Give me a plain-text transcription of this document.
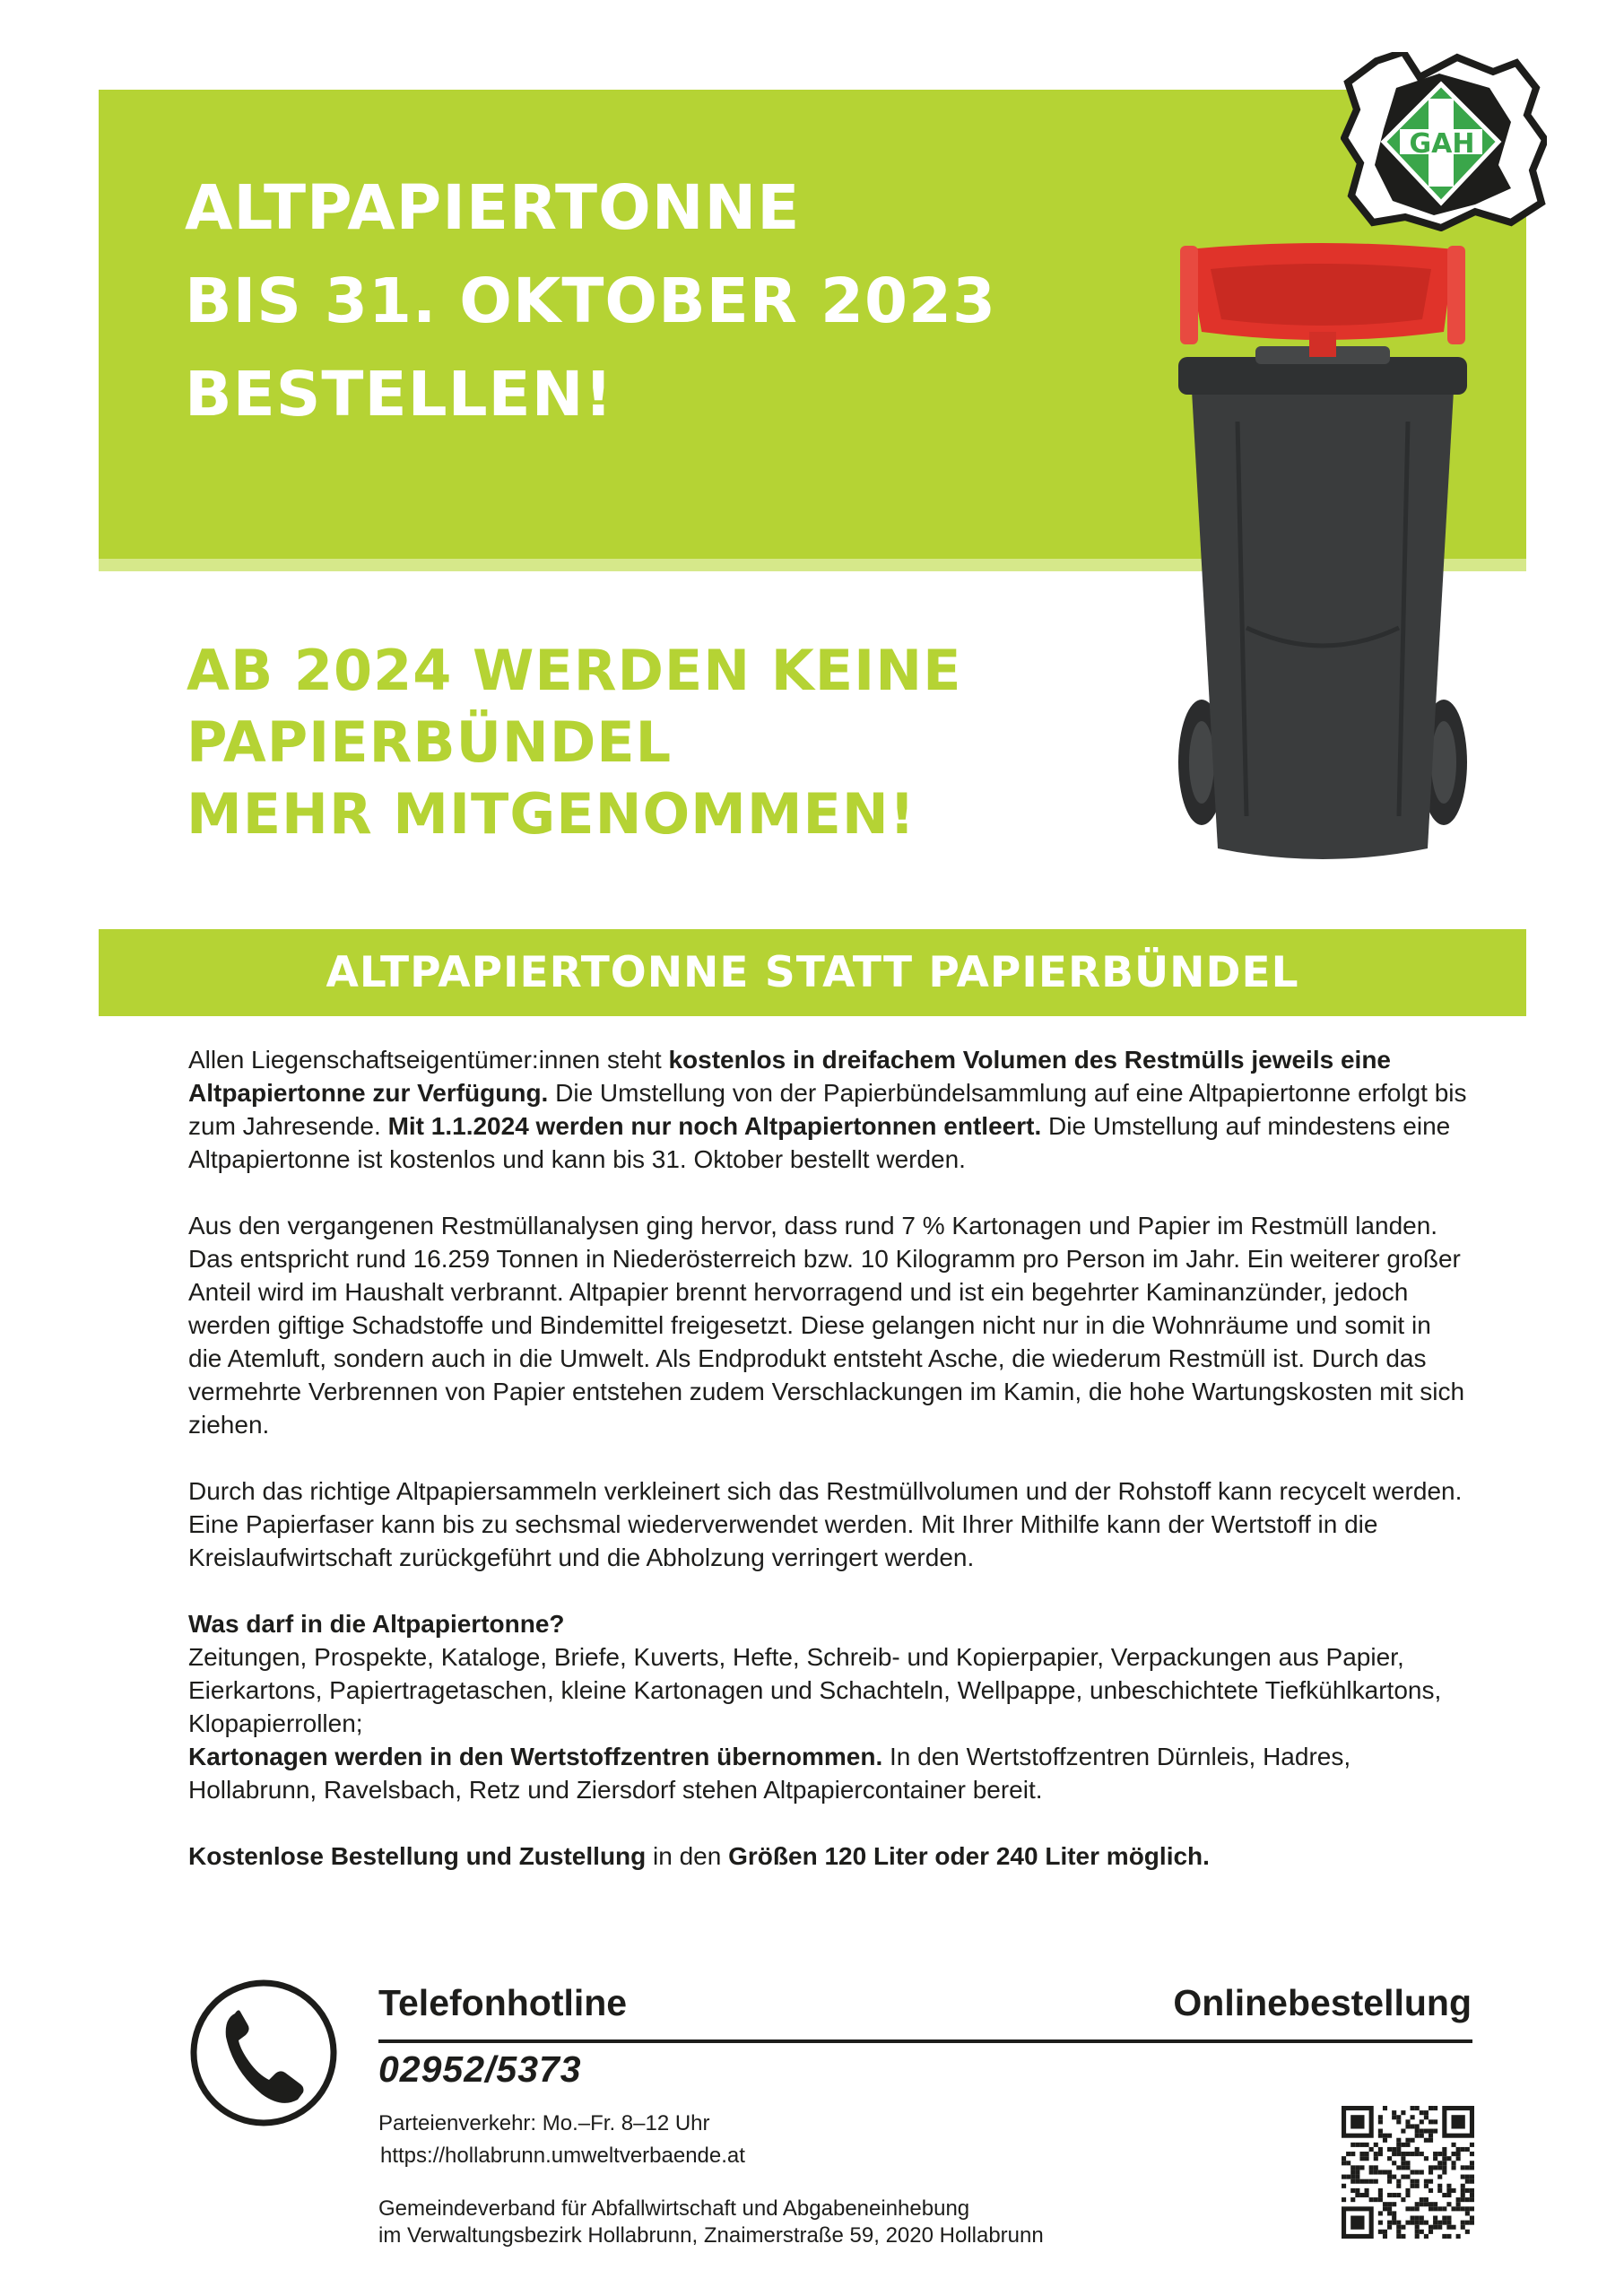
ALTPAPIERTONNE
BIS 31. OKTOBER 2023
BESTELLEN!
GAH
AB 2024 WERDEN KEINE
PAPIERBÜNDEL
MEHR MITGENOMMEN!
ALTPAPIERTONNE STATT PAPIERBÜNDEL

Allen Liegenschaftseigentümer:innen steht kostenlos in dreifachem Volumen des Restmülls jeweils eine Altpapiertonne zur Verfügung. Die Umstellung von der Papierbündelsammlung auf eine Altpapiertonne erfolgt bis zum Jahresende. Mit 1.1.2024 werden nur noch Altpapiertonnen entleert. Die Umstellung auf mindestens eine Altpapiertonne ist kostenlos und kann bis 31. Oktober bestellt werden.

Aus den vergangenen Restmüllanalysen ging hervor, dass rund 7 % Kartonagen und Papier im Restmüll landen. Das entspricht rund 16.259 Tonnen in Niederösterreich bzw. 10 Kilogramm pro Person im Jahr. Ein weiterer großer Anteil wird im Haushalt verbrannt. Altpapier brennt hervorragend und ist ein begehrter Kaminanzünder, jedoch werden giftige Schadstoffe und Bindemittel freigesetzt. Diese gelangen nicht nur in die Wohnräume und somit in die Atemluft, sondern auch in die Umwelt. Als Endprodukt entsteht Asche, die wiederum Restmüll ist. Durch das vermehrte Verbrennen von Papier entstehen zudem Verschlackungen im Kamin, die hohe Wartungskosten mit sich ziehen.

Durch das richtige Altpapiersammeln verkleinert sich das Restmüllvolumen und der Rohstoff kann recycelt werden. Eine Papierfaser kann bis zu sechsmal wiederverwendet werden. Mit Ihrer Mithilfe kann der Wertstoff in die Kreislaufwirtschaft zurückgeführt und die Abholzung verringert werden.

Was darf in die Altpapiertonne?
Zeitungen, Prospekte, Kataloge, Briefe, Kuverts, Hefte, Schreib- und Kopierpapier, Verpackungen aus Papier, Eierkartons, Papiertragetaschen, kleine Kartonagen und Schachteln, Wellpappe, unbeschichtete Tiefkühlkartons, Klopapierrollen;
Kartonagen werden in den Wertstoffzentren übernommen. In den Wertstoffzentren Dürnleis, Hadres, Hollabrunn, Ravelsbach, Retz und Ziersdorf stehen Altpapiercontainer bereit.

Kostenlose Bestellung und Zustellung in den Größen 120 Liter oder 240 Liter möglich.

Telefonhotline	Onlinebestellung
02952/5373
Parteienverkehr: Mo.–Fr. 8–12 Uhr
https://hollabrunn.umweltverbaende.at
Gemeindeverband für Abfallwirtschaft und Abgabeneinhebung
im Verwaltungsbezirk Hollabrunn, Znaimerstraße 59, 2020 Hollabrunn
